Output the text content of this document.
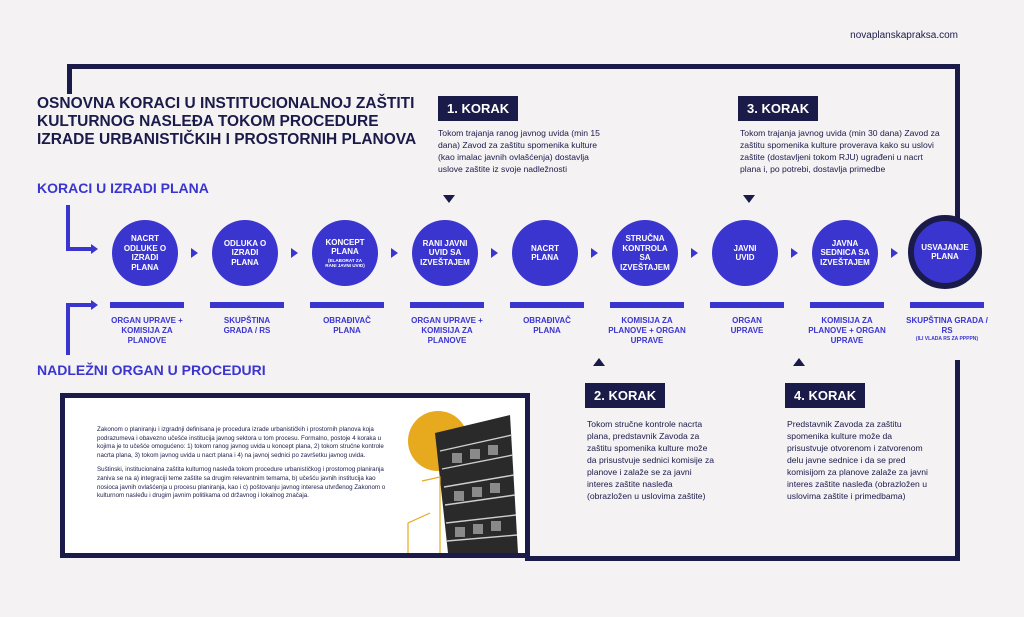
novaplanskapraksa.com
OSNOVNA KORACI U INSTITUCIONALNOJ ZAŠTITI KULTURNOG NASLEĐA TOKOM PROCEDURE IZRADE URBANISTIČKIH I PROSTORNIH PLANOVA
KORACI U IZRADI PLANA
NADLEŽNI ORGAN U PROCEDURI
1. KORAK
Tokom trajanja ranog javnog uvida (min 15 dana) Zavod za zaštitu spomenika kulture (kao imalac javnih ovlašćenja) dostavlja uslove zaštite iz svoje nadležnosti
3. KORAK
Tokom trajanja javnog uvida (min 30 dana) Zavod za zaštitu spomenika kulture proverava kako su uslovi zaštite (dostavljeni tokom RJU) ugrađeni u nacrt plana i, po potrebi, dostavlja primedbe
2. KORAK
Tokom stručne kontrole nacrta plana, predstavnik Zavoda za zaštitu spomenika kulture može da prisustvuje sednici komisije za planove i zalaže se za javni interes zaštite nasleđa (obrazložen u uslovima zaštite)
4. KORAK
Predstavnik Zavoda za zaštitu spomenika kulture može da prisustvuje otvorenom i zatvorenom delu javne sednice i da se pred komisijom za planove zalaže za javni interes zaštite nasleđa (obrazložen u uslovima zaštite i primedbama)
NACRT ODLUKE O IZRADI PLANA
ODLUKA O IZRADI PLANA
KONCEPT PLANA
(ELABORAT ZA RANI JAVNI UVID)
RANI JAVNI UVID SA IZVEŠTAJEM
NACRT PLANA
STRUČNA KONTROLA SA IZVEŠTAJEM
JAVNI UVID
JAVNA SEDNICA SA IZVEŠTAJEM
USVAJANJE PLANA
ORGAN UPRAVE + KOMISIJA ZA PLANOVE
SKUPŠTINA GRADA / RS
OBRAĐIVAČ PLANA
ORGAN UPRAVE + KOMISIJA ZA PLANOVE
OBRAĐIVAČ PLANA
KOMISIJA ZA PLANOVE + ORGAN UPRAVE
ORGAN UPRAVE
KOMISIJA ZA PLANOVE + ORGAN UPRAVE
SKUPŠTINA GRADA / RS
(ILI VLADA RS ZA PPPPN)

Zakonom o planiranju i izgradnji definisana je procedura izrade urbanističkih i prostornih planova koja podrazumeva i obavezno učešće institucija javnog sektora u tom procesu. Formalno, postoje 4 koraka u kojima je to učešće omogućeno: 1) tokom ranog javnog uvida u koncept plana, 2) tokom stručne kontrole nacrta plana, 3) tokom javnog uvida u nacrt plana i 4) na javnoj sednici po završetku javnog uvida.

Suštinski, institucionalna zaštita kulturnog nasleđa tokom procedure urbanističkog i prostornog planiranja zaniva se na a) integraciji teme zaštite sa drugim relevantnim temama, b) učešću javnih institucija kao nosioca javnih ovlašćenja u procesu planiranja, kao i c) poštovanju javnog interesa utvrđenog Zakonom o kulturnom nasleđu i drugim javnim politikama od državnog i lokalnog značaja.
